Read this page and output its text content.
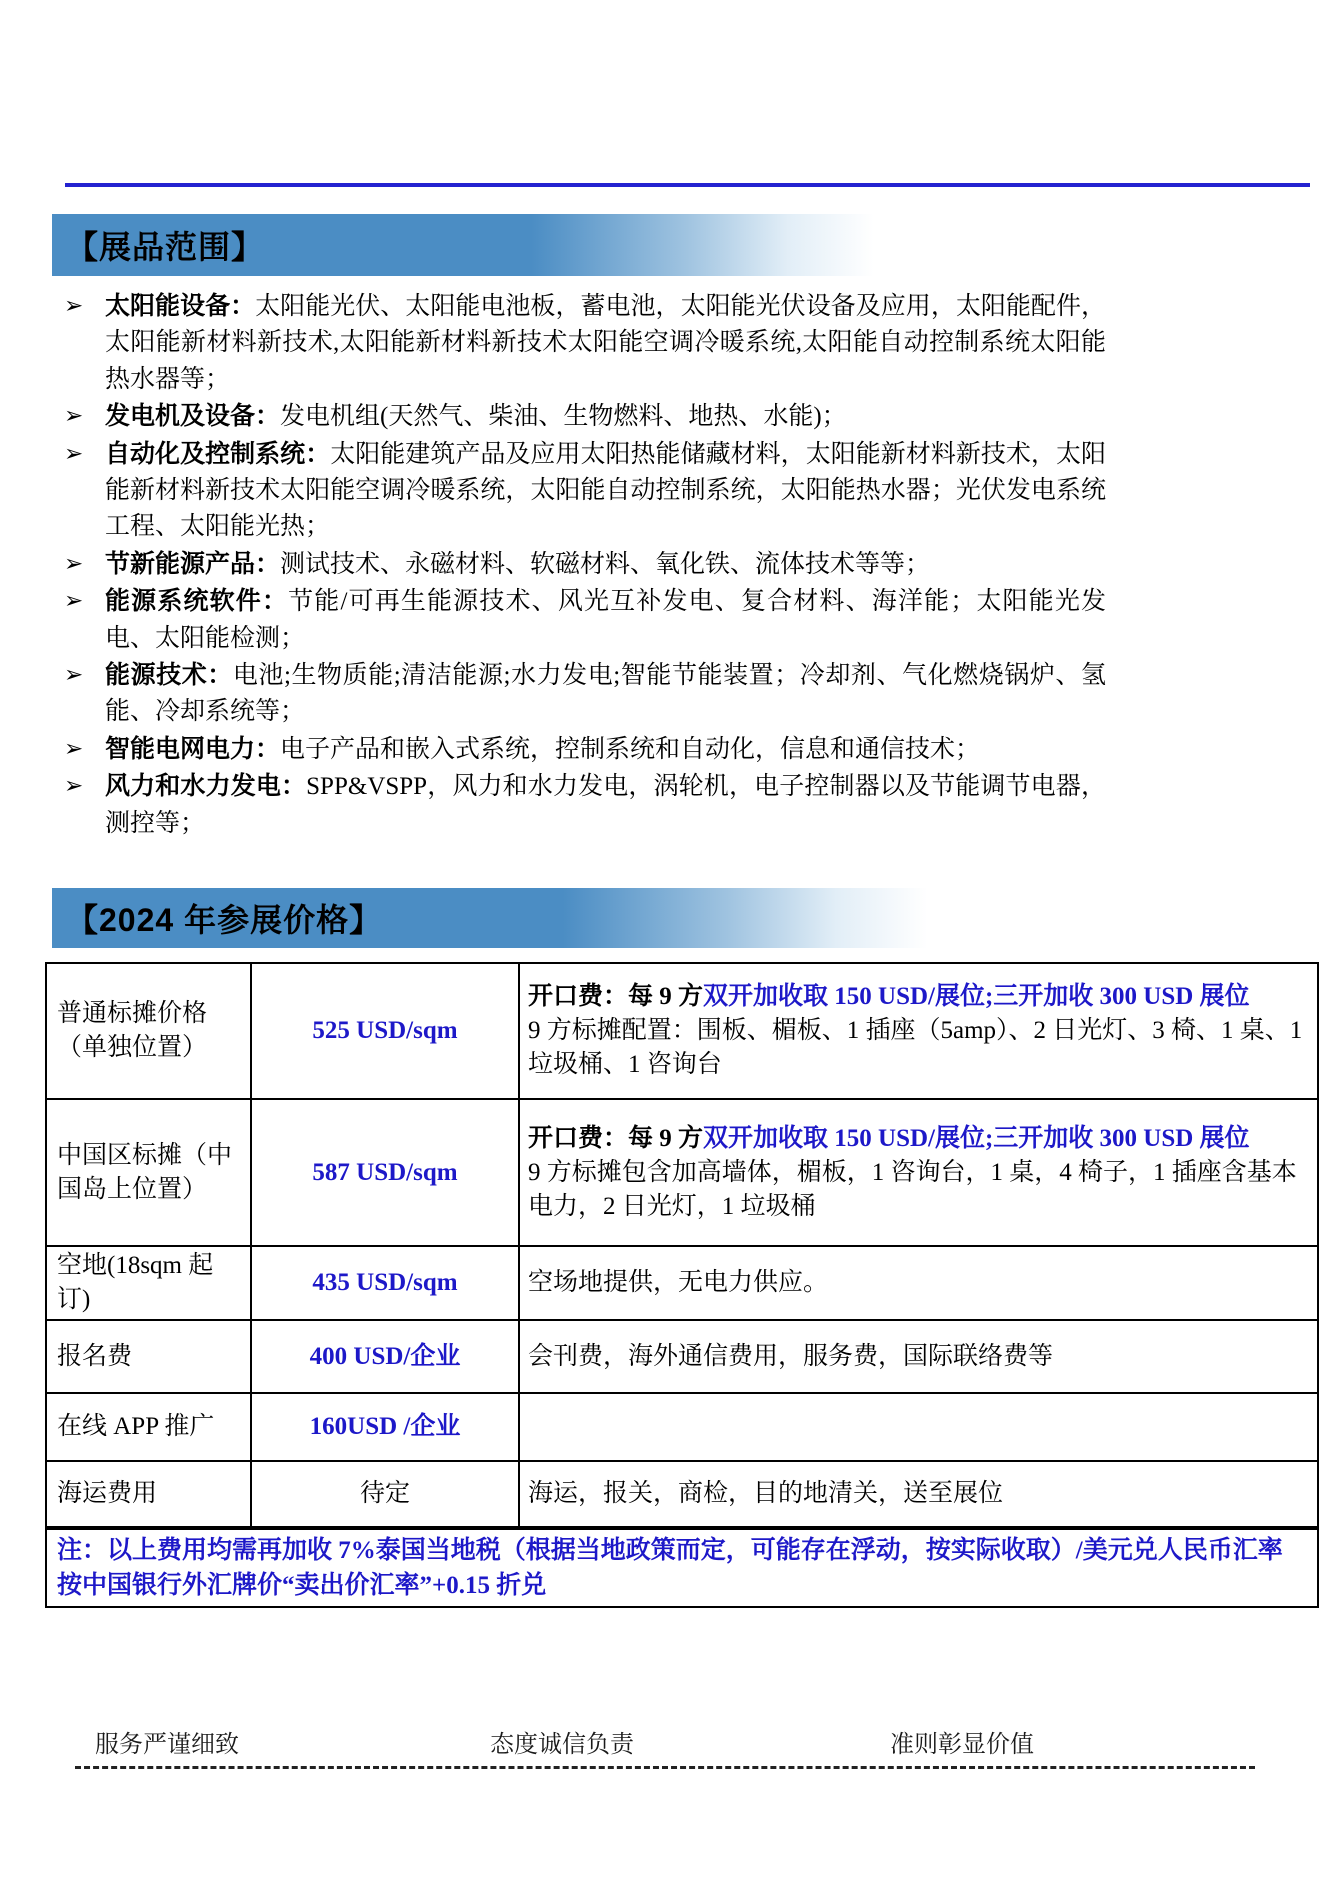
【展品范围】
➢ 太阳能设备：太阳能光伏、太阳能电池板，蓄电池，太阳能光伏设备及应用，太阳能配件，太阳能新材料新技术,太阳能新材料新技术太阳能空调冷暖系统,太阳能自动控制系统太阳能热水器等；
➢ 发电机及设备：发电机组(天然气、柴油、生物燃料、地热、水能)；
➢ 自动化及控制系统：太阳能建筑产品及应用太阳热能储藏材料，太阳能新材料新技术，太阳能新材料新技术太阳能空调冷暖系统，太阳能自动控制系统，太阳能热水器；光伏发电系统工程、太阳能光热；
➢ 节新能源产品：测试技术、永磁材料、软磁材料、氧化铁、流体技术等等；
➢ 能源系统软件：节能/可再生能源技术、风光互补发电、复合材料、海洋能；太阳能光发电、太阳能检测；
➢ 能源技术：电池;生物质能;清洁能源;水力发电;智能节能装置；冷却剂、气化燃烧锅炉、氢能、冷却系统等；
➢ 智能电网电力：电子产品和嵌入式系统，控制系统和自动化，信息和通信技术；
➢ 风力和水力发电：SPP&VSPP，风力和水力发电，涡轮机，电子控制器以及节能调节电器，测控等；
【2024 年参展价格】
普通标摊价格（单独位置）	525 USD/sqm	开口费：每 9 方双开加收取 150 USD/展位;三开加收 300 USD 展位
9 方标摊配置：围板、楣板、1 插座（5amp）、2 日光灯、3 椅、1 桌、1 垃圾桶、1 咨询台

中国区标摊（中国岛上位置）	587 USD/sqm	开口费：每 9 方双开加收取 150 USD/展位;三开加收 300 USD 展位
9 方标摊包含加高墙体，楣板，1 咨询台，1 桌，4 椅子，1 插座含基本电力，2 日光灯，1 垃圾桶

空地(18sqm 起订)	435 USD/sqm	空场地提供，无电力供应。
报名费	400 USD/企业	会刊费，海外通信费用，服务费，国际联络费等
在线 APP 推广	160USD /企业	
海运费用	待定	海运，报关，商检，目的地清关，送至展位
注：以上费用均需再加收 7%泰国当地税（根据当地政策而定，可能存在浮动，按实际收取）/美元兑人民币汇率按中国银行外汇牌价“卖出价汇率”+0.15 折兑		
服务严谨细致	态度诚信负责	准则彰显价值
